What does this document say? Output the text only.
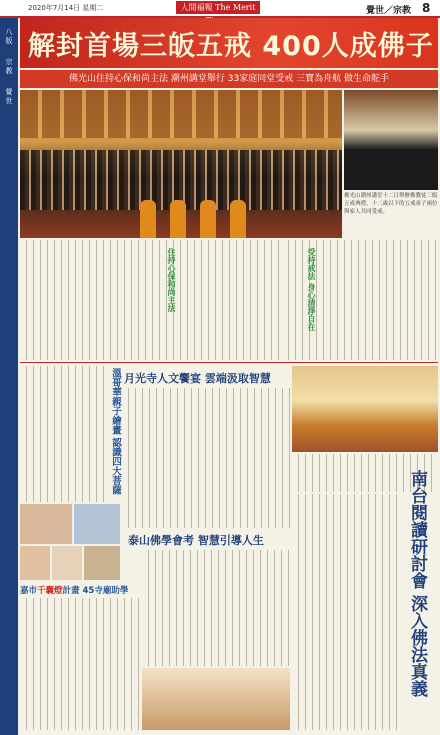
2020年7月14日 星期二	人間福報 The Merit	覺世／宗教 8
八版
宗教
覺世
解封首場三皈五戒 400人成佛子
佛光山住持心保和尚主法 潮州講堂舉行 33家庭同堂受戒 三寶為舟航 做生命舵手
佛光山潮州講堂十二日舉辦佛教徒三皈五戒典禮，十二歲以下的五戒童子兩位與家人共同受戒。
住持心保和尚主法	受持戒法 身心清淨自在
溫哥華親子繪畫 認識四大菩薩
嘉市千囊燈計畫 45寺廟助學
月光寺人文饗宴 雲端汲取智慧
泰山佛學會考 智慧引導人生	南台閱讀研討會 深入佛法真義
